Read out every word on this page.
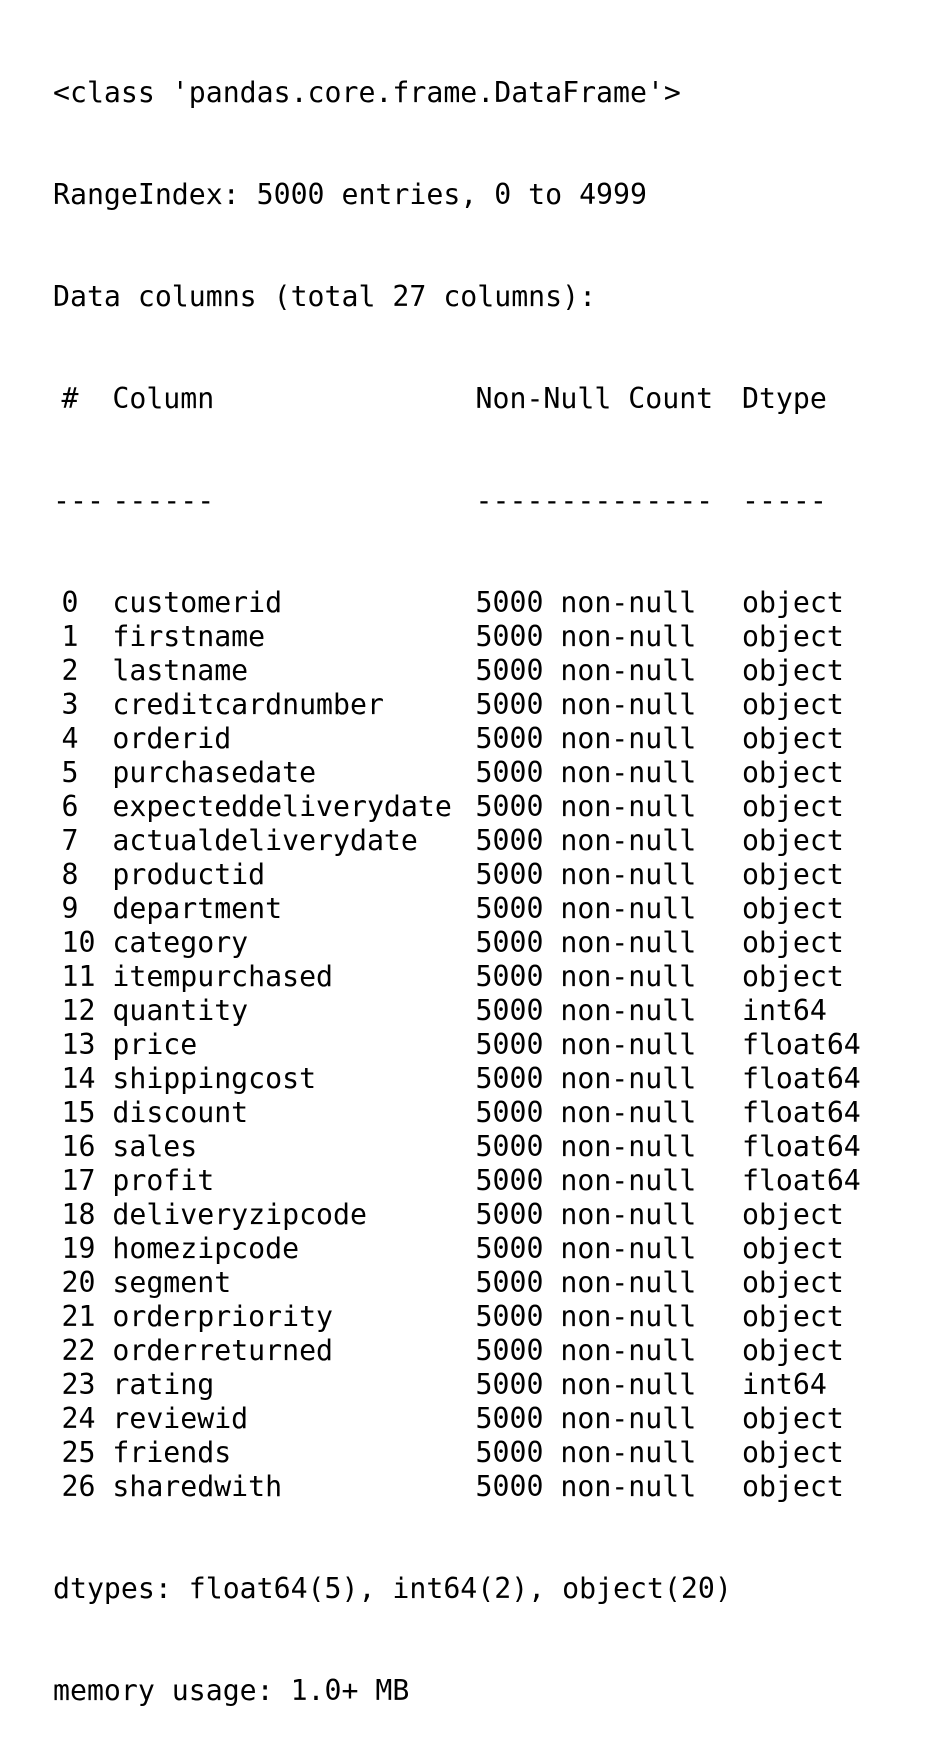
<class 'pandas.core.frame.DataFrame'>

RangeIndex: 5000 entries, 0 to 4999

Data columns (total 27 columns):

# Column	Non-Null Count Dtype

--- ------	-------------- -----

0 customerid	5000 non-null object
1 firstname	5000 non-null object
2 lastname	5000 non-null object
3 creditcardnumber	5000 non-null object
4 orderid	5000 non-null object
5 purchasedate	5000 non-null object
6 expecteddeliverydate 5000 non-null object
7 actualdeliverydate 5000 non-null object
8 productid	5000 non-null object
9 department	5000 non-null object
10 category	5000 non-null object
11 itempurchased	5000 non-null object
12 quantity	5000 non-null int64
13 price	5000 non-null float64
14 shippingcost	5000 non-null float64
15 discount	5000 non-null float64
16 sales	5000 non-null float64
17 profit	5000 non-null float64
18 deliveryzipcode	5000 non-null object
19 homezipcode	5000 non-null object
20 segment	5000 non-null object
21 orderpriority	5000 non-null object
22 orderreturned	5000 non-null object
23 rating	5000 non-null int64
24 reviewid	5000 non-null object
25 friends	5000 non-null object
26 sharedwith	5000 non-null object

dtypes: float64(5), int64(2), object(20)

memory usage: 1.0+ MB
